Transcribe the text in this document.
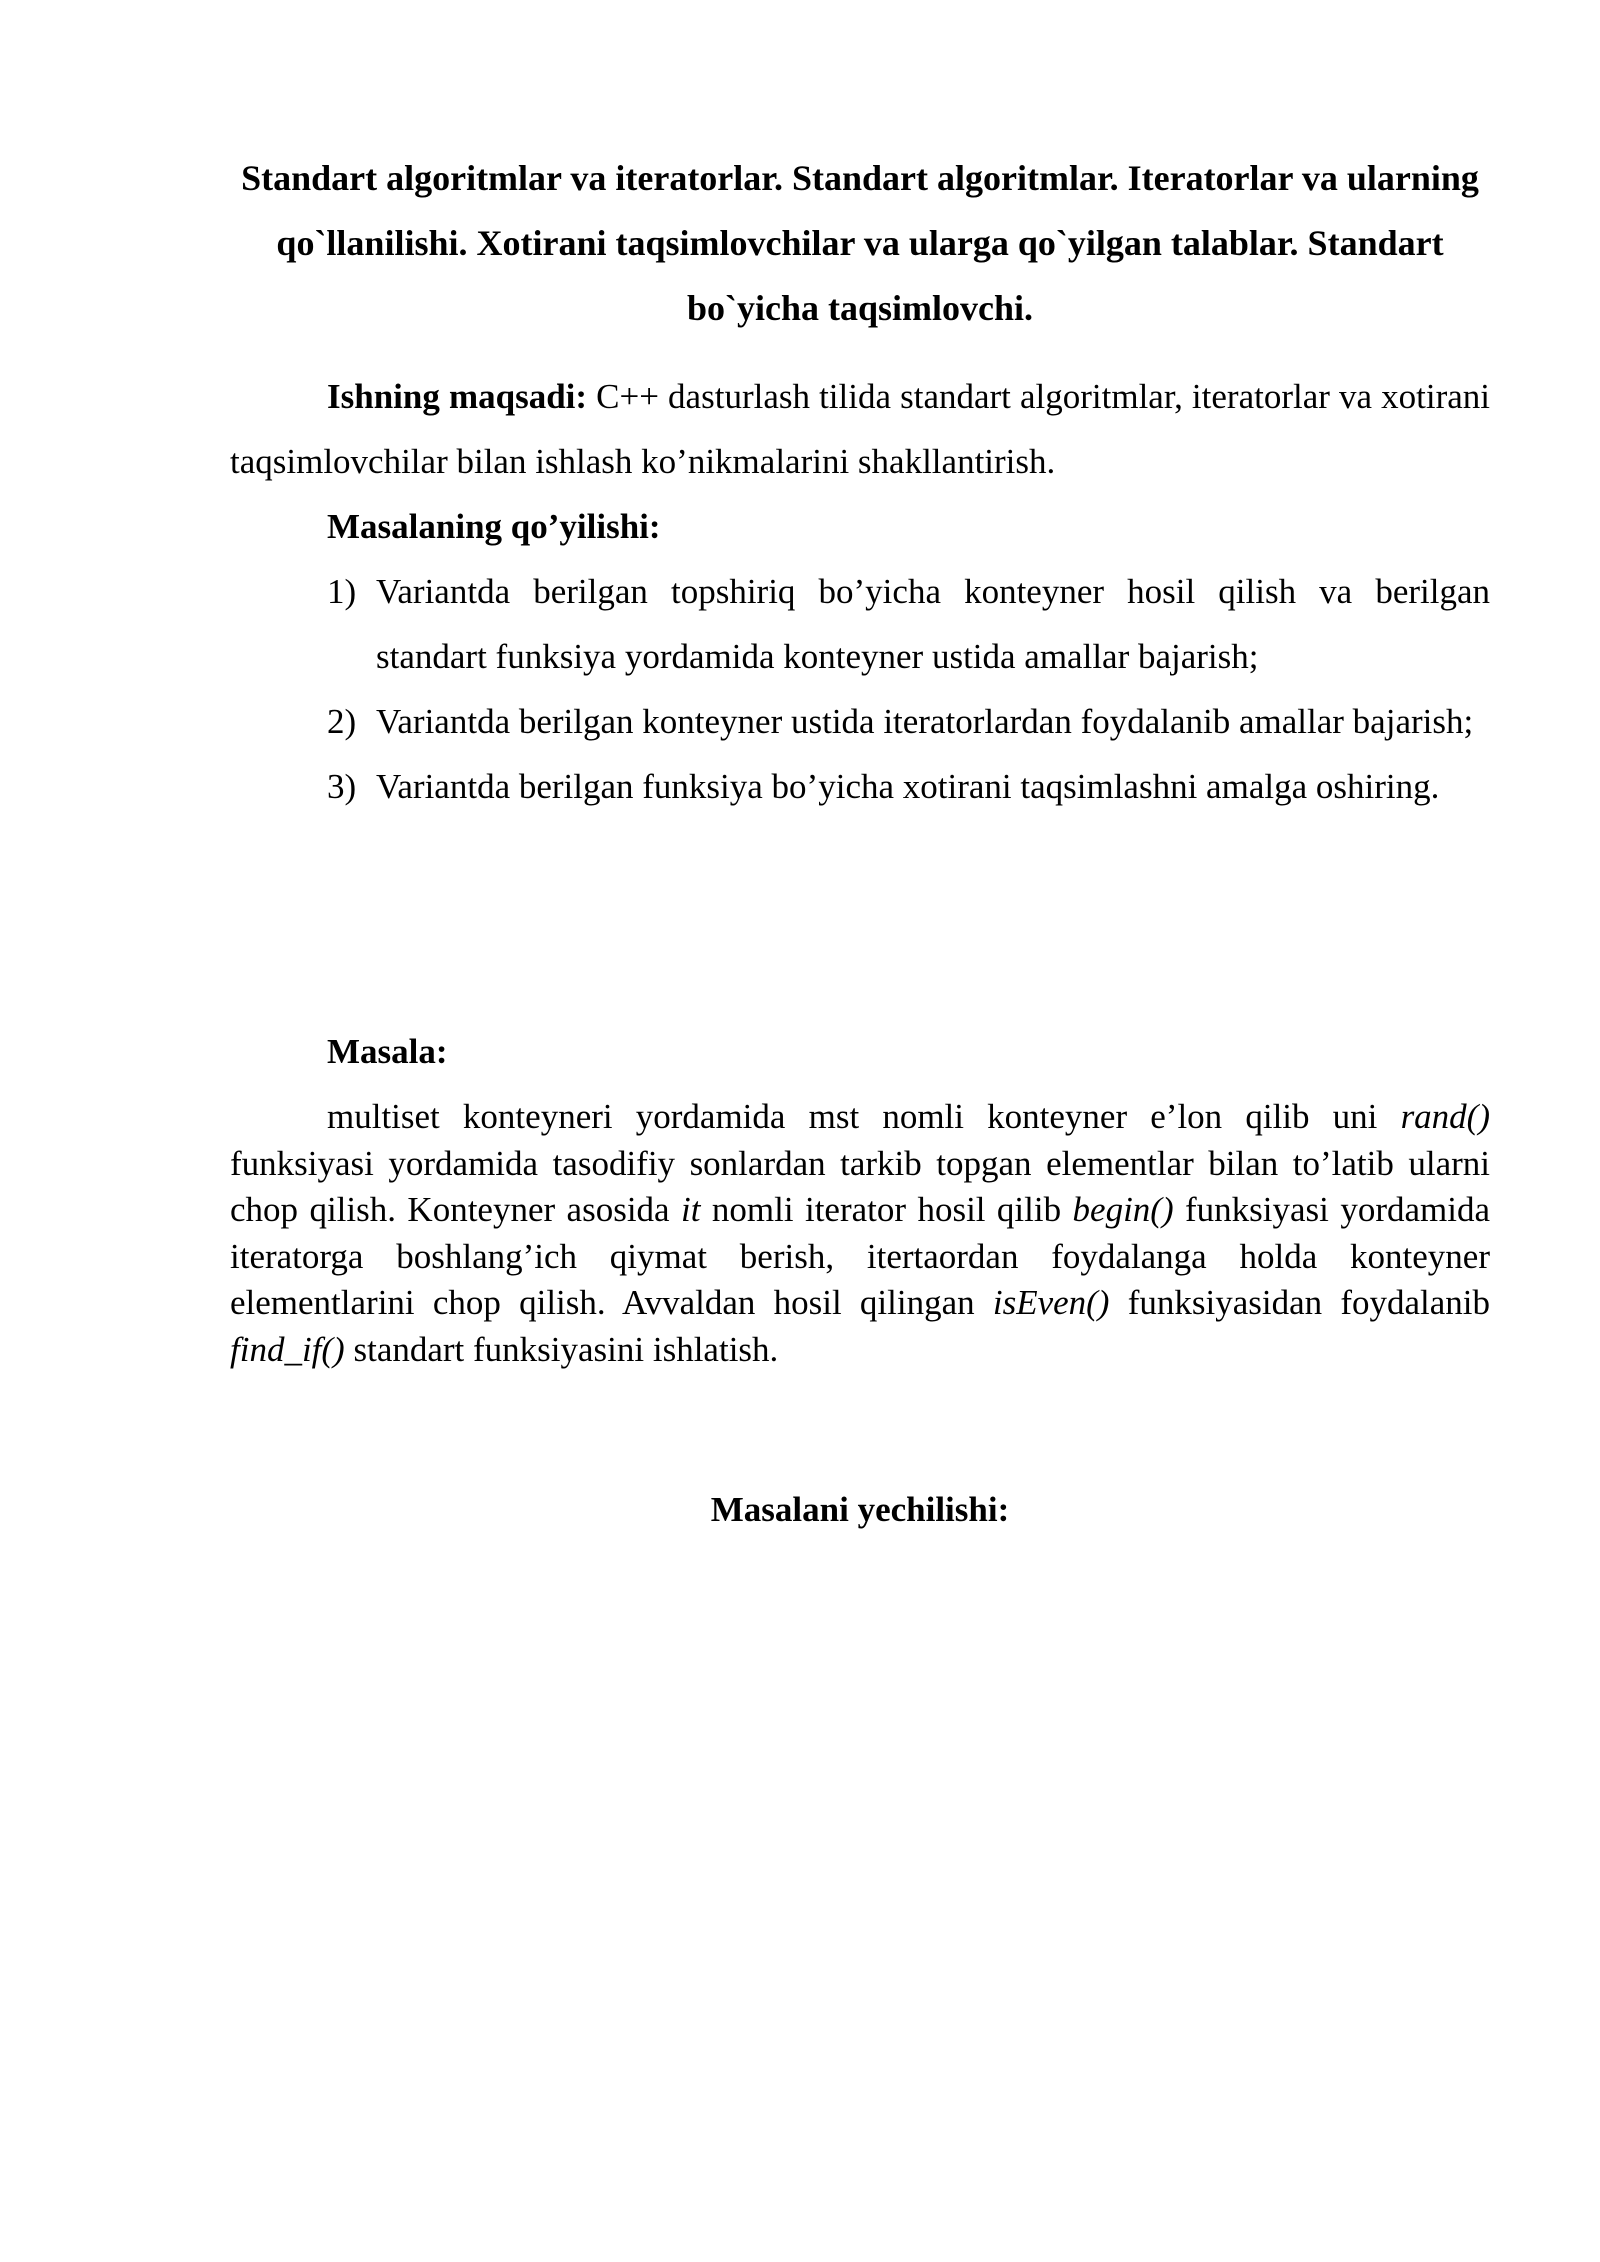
Standart algoritmlar va iteratorlar. Standart algoritmlar. Iteratorlar va ularning qo`llanilishi. Xotirani taqsimlovchilar va ularga qo`yilgan talablar. Standart bo`yicha taqsimlovchi.

Ishning maqsadi: C++ dasturlash tilida standart algoritmlar, iteratorlar va xotirani taqsimlovchilar bilan ishlash ko’nikmalarini shakllantirish.

Masalaning qo’yilishi:
1) Variantda berilgan topshiriq bo’yicha konteyner hosil qilish va berilgan standart funksiya yordamida konteyner ustida amallar bajarish;
2) Variantda berilgan konteyner ustida iteratorlardan foydalanib amallar bajarish;
3) Variantda berilgan funksiya bo’yicha xotirani taqsimlashni amalga oshiring.
Masala:

multiset konteyneri yordamida mst nomli konteyner e’lon qilib uni rand() funksiyasi yordamida tasodifiy sonlardan tarkib topgan elementlar bilan to’latib ularni chop qilish. Konteyner asosida it nomli iterator hosil qilib begin() funksiyasi yordamida iteratorga boshlang’ich qiymat berish, itertaordan foydalanga holda konteyner elementlarini chop qilish. Avvaldan hosil qilingan isEven() funksiyasidan foydalanib find_if() standart funksiyasini ishlatish.

Masalani yechilishi:
